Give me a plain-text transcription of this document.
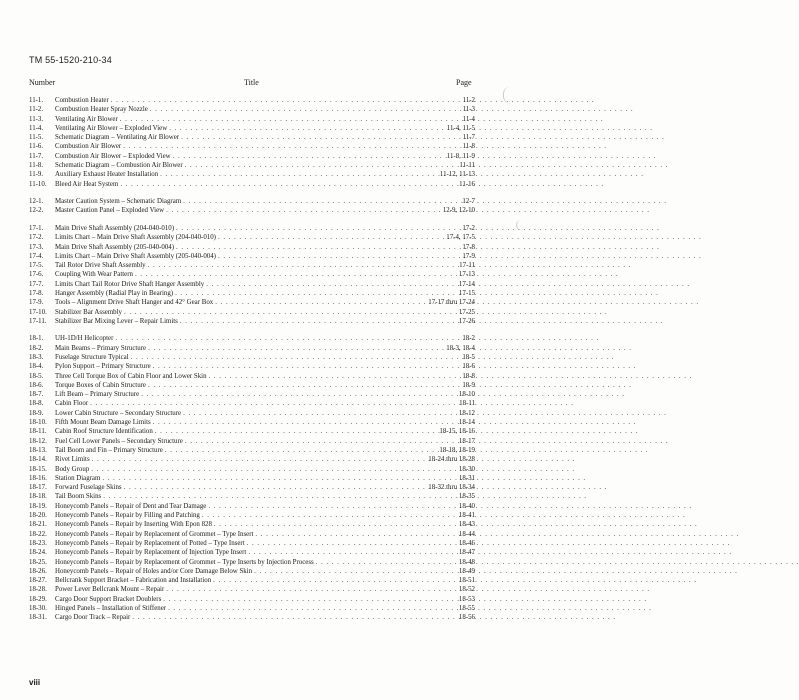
TM 55-1520-210-34
Number	Title	Page
11-1.	Combustion Heater . . .	11-2
11-2.	Combustion Heater Spray Nozzle . . .	11-3
11-3.	Ventilating Air Blower . . .	11-4
11-4.	Ventilating Air Blower – Exploded View . . .	11-4, 11-5
11-5.	Schematic Diagram – Ventilating Air Blower . . .	11-7
11-6.	Combustion Air Blower . . .	11-8
11-7.	Combustion Air Blower – Exploded View . . .	11-8, 11-9
11-8.	Schematic Diagram – Combustion Air Blower . . .	11-11
11-9.	Auxiliary Exhaust Heater Installation . . .	11-12, 11-13
11-10.	Bleed Air Heat System . . .	11-16
12-1.	Master Caution System – Schematic Diagram . . .	12-7
12-2.	Master Caution Panel – Exploded View . . .	12-9, 12-10
17-1.	Main Drive Shaft Assembly (204-040-010) . . .	17-2
17-2.	Limits Chart – Main Drive Shaft Assembly (204-040-010) . . .	17-4, 17-5
17-3.	Main Drive Shaft Assembly (205-040-004) . . .	17-8
17-4.	Limits Chart – Main Drive Shaft Assembly (205-040-004) . . .	17-9
17-5.	Tail Rotor Drive Shaft Assembly . . .	17-11
17-6.	Coupling With Wear Pattern . . .	17-13
17-7.	Limits Chart Tail Rotor Drive Shaft Hanger Assembly . . .	17-14
17-8.	Hanger Assembly (Radial Play in Bearing) . . .	17-15
17-9.	Tools – Alignment Drive Shaft Hanger and 42° Gear Box . . .	17-17 thru 17-24
17-10.	Stabilizer Bar Assembly . . .	17-25
17-11.	Stabilizer Bar Mixing Lever – Repair Limits . . .	17-26
18-1.	UH-1D/H Helicopter . . .	18-2
18-2.	Main Beams – Primary Structure . . .	18-3, 18-4
18-3.	Fuselage Structure Typical . . .	18-5
18-4.	Pylon Support – Primary Structure . . .	18-6
18-5.	Three Cell Torque Box of Cabin Floor and Lower Skin . . .	18-8
18-6.	Torque Boxes of Cabin Structure . . .	18-9
18-7.	Lift Beam – Primary Structure . . .	18-10
18-8.	Cabin Floor . . .	18-11
18-9.	Lower Cabin Structure – Secondary Structure . . .	18-12
18-10.	Fifth Mount Beam Damage Limits . . .	18-14
18-11.	Cabin Roof Structure Identification . . .	18-15, 18-16
18-12.	Fuel Cell Lower Panels – Secondary Structure . . .	18-17
18-13.	Tail Boom and Fin – Primary Structure . . .	18-18, 18-19
18-14.	Rivet Limits . . .	18-24 thru 18-28
18-15.	Body Group . . .	18-30
18-16.	Station Diagram . . .	18-31
18-17.	Forward Fuselage Skins . . .	18-32 thru 18-34
18-18.	Tail Boom Skins . . .	18-35
18-19.	Honeycomb Panels – Repair of Dent and Tear Damage . . .	18-40
18-20.	Honeycomb Panels – Repair by Filling and Patching . . .	18-41
18-21.	Honeycomb Panels – Repair by Inserting With Epon 828 . . .	18-43
18-22.	Honeycomb Panels – Repair by Replacement of Grommet – Type Insert . . .	18-44
18-23.	Honeycomb Panels – Repair by Replacement of Potted – Type Insert . . .	18-46
18-24.	Honeycomb Panels – Repair by Replacement of Injection Type Insert . . .	18-47
18-25.	Honeycomb Panels – Repair by Replacement of Grommet – Type Inserts by Injection Process . . .	18-48
18-26.	Honeycomb Panels – Repair of Holes and/or Core Damage Below Skin . . .	18-49
18-27.	Bellcrank Support Bracket – Fabrication and Installation . . .	18-51
18-28.	Power Lever Bellcrank Mount – Repair . . .	18-52
18-29.	Cargo Door Support Bracket Doublers . . .	18-53
18-30.	Hinged Panels – Installation of Stiffener . . .	18-55
18-31.	Cargo Door Track – Repair . . .	18-56
viii
